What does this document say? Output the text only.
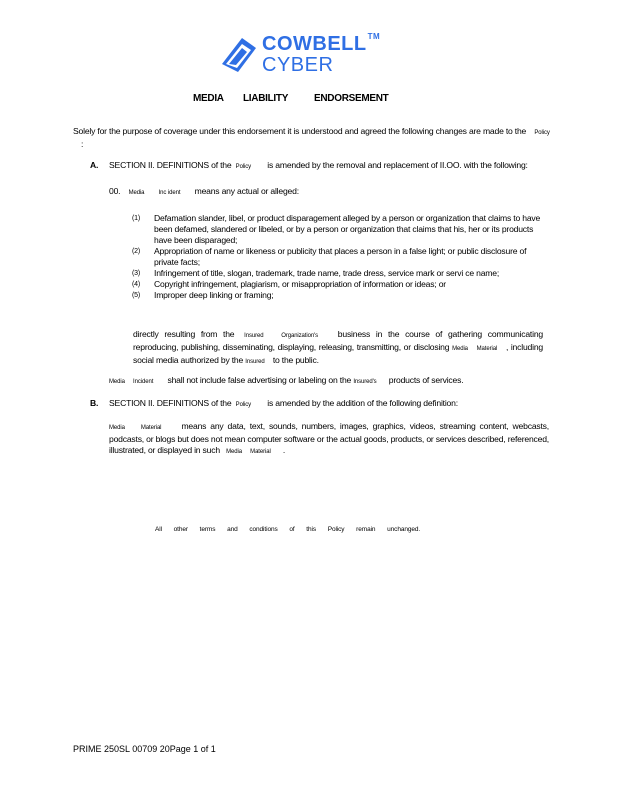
COWBELL™
CYBER
MEDIA LIABILITY	ENDORSEMENT
Solely for the purpose of coverage under this endorsement it is understood and agreed the following changes are made to the Policy :
A. SECTION II. DEFINITIONS of the Policy is amended by the removal and replacement of II.OO. with the following:
00. Media Inc ident means any actual or alleged:
(1) Defamation slander, libel, or product disparagement alleged by a person or organization that claims to have been defamed, slandered or libeled, or by a person or organization that claims that his, her or its products have been disparaged;
(2) Appropriation of name or likeness or publicity that places a person in a false light; or public disclosure of private facts;
(3) Infringement of title, slogan, trademark, trade name, trade dress, service mark or servi ce name;
(4) Copyright infringement, plagiarism, or misappropriation of information or ideas; or
(5) Improper deep linking or framing;
directly resulting from the Insured	Organization's business in the course of gathering communicating reproducing, publishing, disseminating, displaying, releasing, transmitting, or disclosing Media Material , including social media authorized by the Insured to the public.
Media Incident shall not include false advertising or labeling on the Insured's products of services.
B. SECTION II. DEFINITIONS of the Policy is amended by the addition of the following definition:
Media	Material means any data, text, sounds, numbers, images, graphics, videos, streaming content, webcasts, podcasts, or blogs but does not mean computer software or the actual goods, products, or services described, referenced, illustrated, or displayed in such Media Material .
All other terms and conditions of this Policy remain unchanged.
PRIME 250SL 00709 20Page 1 of 1
